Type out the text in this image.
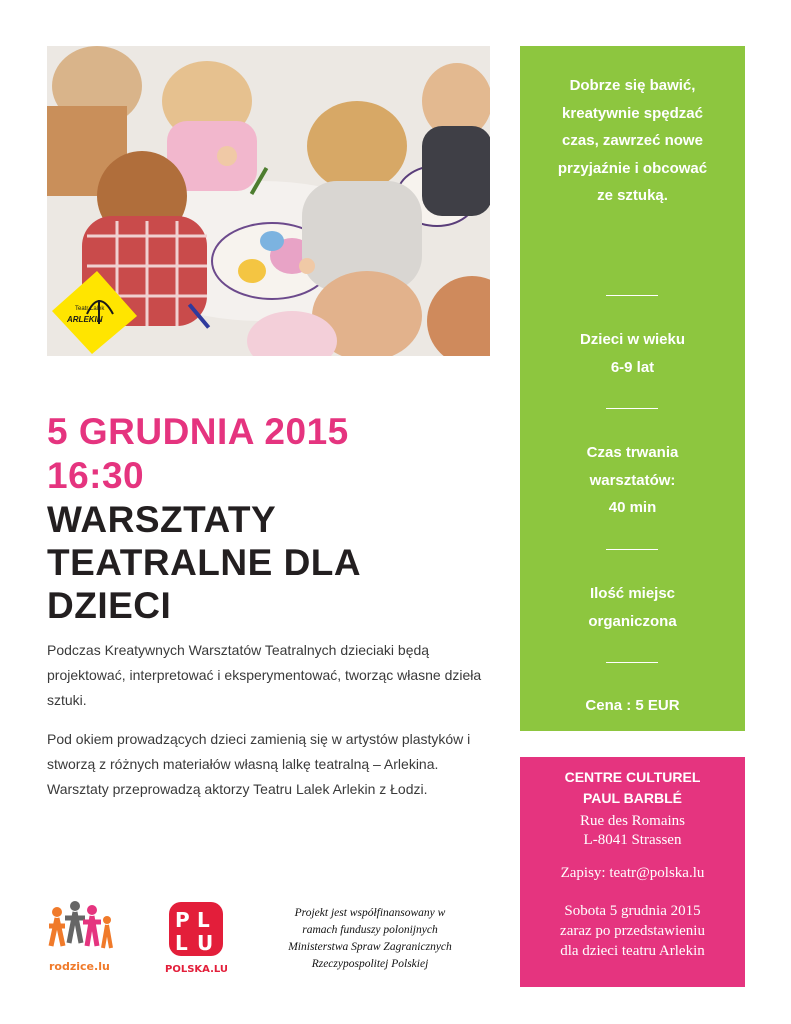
Teatr Lalek
ARLEKIN
Dobrze się bawić, kreatywnie spędzać czas, zawrzeć nowe przyjaźnie i obcować ze sztuką.
Dzieci w wieku
6-9 lat
Czas trwania
warsztatów:
40 min
Ilość miejsc
organiczona
Cena : 5 EUR
CENTRE CULTUREL
PAUL BARBLÉ
Rue des Romains
L-8041 Strassen
Zapisy: teatr@polska.lu
Sobota 5 grudnia 2015
zaraz po przedstawieniu
dla dzieci teatru Arlekin
5 GRUDNIA 2015
16:30
WARSZTATY
TEATRALNE DLA
DZIECI

Podczas Kreatywnych Warsztatów Teatralnych dzieciaki będą projektować, interpretować i eksperymentować, tworząc własne dzieła sztuki.

Pod okiem prowadzących dzieci zamienią się w artystów plastyków i stworzą z różnych materiałów własną lalkę teatralną – Arlekina. Warsztaty przeprowadzą aktorzy Teatru Lalek Arlekin z Łodzi.

rodzice.lu
P L
L U
POLSKA.LU
Projekt jest współfinansowany w
ramach funduszy polonijnych
Ministerstwa Spraw Zagranicznych
Rzeczypospolitej Polskiej
